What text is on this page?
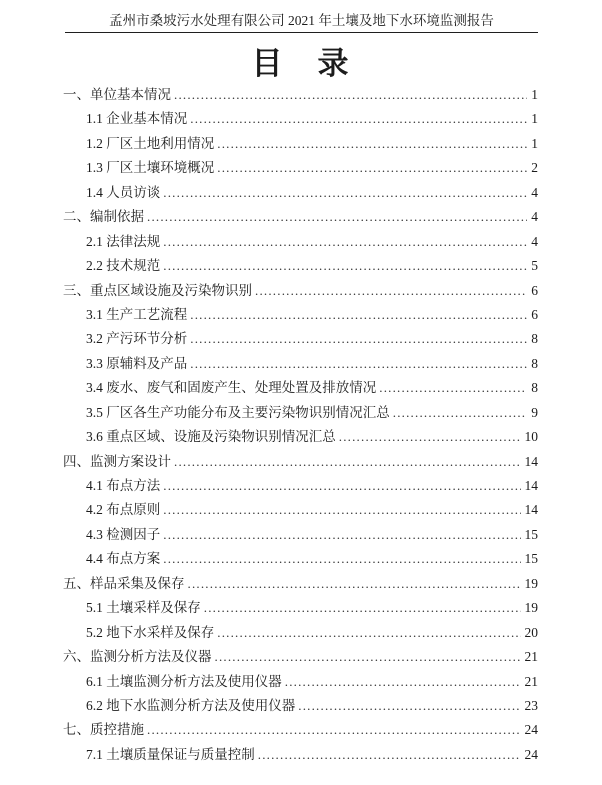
孟州市桑坡污水处理有限公司 2021 年土壤及地下水环境监测报告
目　录
一、单位基本情况 .....	1
1.1 企业基本情况 .....	1
1.2 厂区土地利用情况 .....	1
1.3 厂区土壤环境概况 .....	2
1.4 人员访谈 .....	4
二、编制依据 .....	4
2.1 法律法规 .....	4
2.2 技术规范 .....	5
三、重点区域设施及污染物识别 .....	6
3.1 生产工艺流程 .....	6
3.2 产污环节分析 .....	8
3.3 原辅料及产品 .....	8
3.4 废水、废气和固废产生、处理处置及排放情况 .....	8
3.5 厂区各生产功能分布及主要污染物识别情况汇总 .....	9
3.6 重点区域、设施及污染物识别情况汇总 .....	10
四、监测方案设计 .....	14
4.1 布点方法 .....	14
4.2 布点原则 .....	14
4.3 检测因子 .....	15
4.4 布点方案 .....	15
五、样品采集及保存 .....	19
5.1 土壤采样及保存 .....	19
5.2 地下水采样及保存 .....	20
六、监测分析方法及仪器 .....	21
6.1 土壤监测分析方法及使用仪器 .....	21
6.2 地下水监测分析方法及使用仪器 .....	23
七、质控措施 .....	24
7.1 土壤质量保证与质量控制 .....	24
